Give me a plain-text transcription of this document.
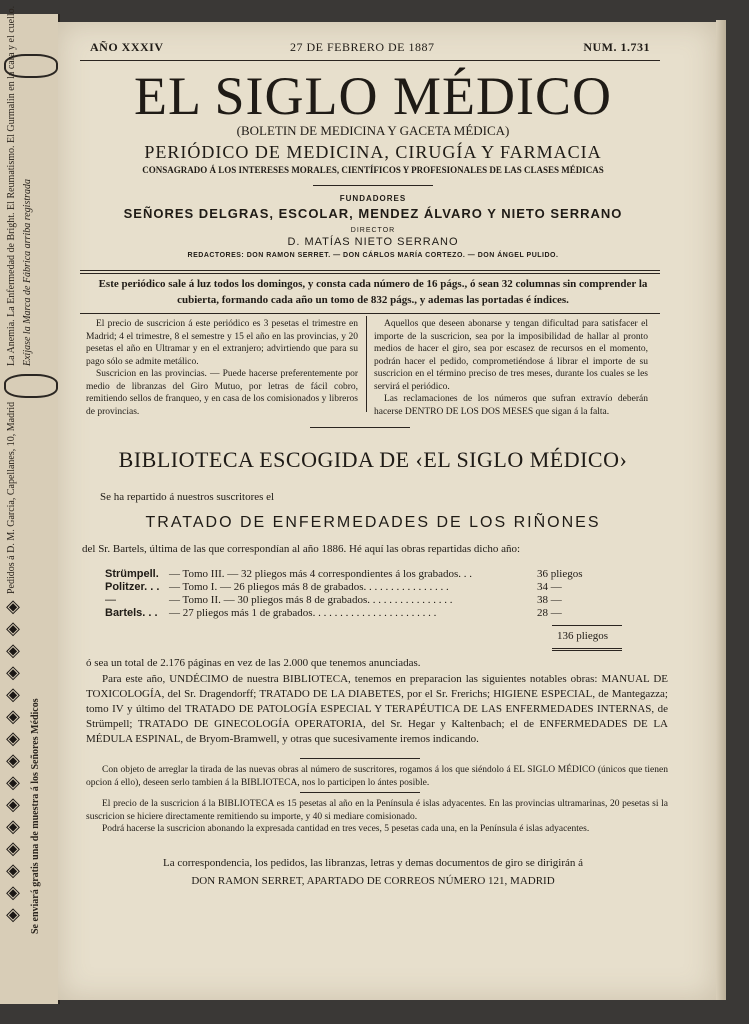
La Anemia. La Enfermedad de Bright. El Reumatismo. El Gurmalin en la cara y el cuello. Exíjase la Marca de Fábrica arriba registrada
Pedidos á D. M. Garcia, Capellanes, 10, Madrid
◈
◈
◈
◈
◈
◈
◈
◈
◈
◈
◈
◈
◈
◈
◈	Se enviará gratis una de muestra á los Señores Médicos
AÑO XXXIV	27 DE FEBRERO DE 1887	NUM. 1.731
EL SIGLO MÉDICO
(BOLETIN DE MEDICINA Y GACETA MÉDICA)
PERIÓDICO DE MEDICINA, CIRUGÍA Y FARMACIA
CONSAGRADO Á LOS INTERESES MORALES, CIENTÍFICOS Y PROFESIONALES DE LAS CLASES MÉDICAS
FUNDADORES
SEÑORES DELGRAS, ESCOLAR, MENDEZ ÁLVARO Y NIETO SERRANO
DIRECTOR
D. MATÍAS NIETO SERRANO
REDACTORES: DON RAMON SERRET. — DON CÁRLOS MARÍA CORTEZO. — DON ÁNGEL PULIDO.
Este periódico sale á luz todos los domingos, y consta cada número de 16 págs., ó sean 32 columnas sin comprender la cubierta, formando cada año un tomo de 832 págs., y ademas las portadas é índices.
El precio de suscricion á este periódico es 3 pesetas el trimestre en Madrid; 4 el trimestre, 8 el semestre y 15 el año en las provincias, y 20 pesetas el año en Ultramar y en el extranjero; advirtiendo que para su pago sólo se admite metálico.
Suscricion en las provincias. — Puede hacerse preferentemente por medio de libranzas del Giro Mutuo, por letras de fácil cobro, remitiendo sellos de franqueo, y en casa de los comisionados y libreros de provincias.
Aquellos que deseen abonarse y tengan dificultad para satisfacer el importe de la suscricion, sea por la imposibilidad de hallar al pronto medios de hacer el giro, sea por escasez de recursos en el momento, podrán hacer el pedido, comprometiéndose á librar el importe de su suscricion en el término preciso de tres meses, durante los cuales se les servirá el periódico.
Las reclamaciones de los números que sufran extravío deberán hacerse DENTRO DE LOS DOS MESES que sigan á la falta.
BIBLIOTECA ESCOGIDA DE ‹EL SIGLO MÉDICO›
Se ha repartido á nuestros suscritores el
TRATADO DE ENFERMEDADES DE LOS RIÑONES
del Sr. Bartels, última de las que correspondían al año 1886. Hé aquí las obras repartidas dicho año:
Strümpell. — Tomo III. — 32 pliegos más 4 correspondientes á los grabados. . .	36 pliegos
Politzer. . . — Tomo I. — 26 pliegos más 8 de grabados. . . . . . . . . . . . . . . .	34 —
—	— Tomo II. — 30 pliegos más 8 de grabados. . . . . . . . . . . . . . . .	38 —
Bartels. . . — 27 pliegos más 1 de grabados. . . . . . . . . . . . . . . . . . . . . . .	28 —
136 pliegos
ó sea un total de 2.176 páginas en vez de las 2.000 que tenemos anunciadas.
Para este año, UNDÉCIMO de nuestra BIBLIOTECA, tenemos en preparacion las siguientes notables obras: MANUAL DE TOXICOLOGÍA, del Sr. Dragendorff; TRATADO DE LA DIABETES, por el Sr. Frerichs; HIGIENE ESPECIAL, de Mantegazza; tomo IV y último del TRATADO DE PATOLOGÍA ESPECIAL Y TERAPÉUTICA DE LAS ENFERMEDADES INTERNAS, de Strümpell; TRATADO DE GINECOLOGÍA OPERATORIA, del Sr. Hegar y Kaltenbach; el de ENFERMEDADES DE LA MÉDULA ESPINAL, de Bryom-Bramwell, y otras que sucesivamente iremos indicando.
Con objeto de arreglar la tirada de las nuevas obras al número de suscritores, rogamos á los que siéndolo á EL SIGLO MÉDICO (únicos que tienen opcion á ello), deseen serlo tambien á la BIBLIOTECA, nos lo participen lo ántes posible.
El precio de la suscricion á la BIBLIOTECA es 15 pesetas al año en la Península é islas adyacentes. En las provincias ultramarinas, 20 pesetas si la suscricion se hiciere directamente remitiendo su importe, y 40 si mediare comisionado.
Podrá hacerse la suscricion abonando la expresada cantidad en tres veces, 5 pesetas cada una, en la Península é islas adyacentes.
La correspondencia, los pedidos, las libranzas, letras y demas documentos de giro se dirigirán á
DON RAMON SERRET, APARTADO DE CORREOS NÚMERO 121, MADRID
